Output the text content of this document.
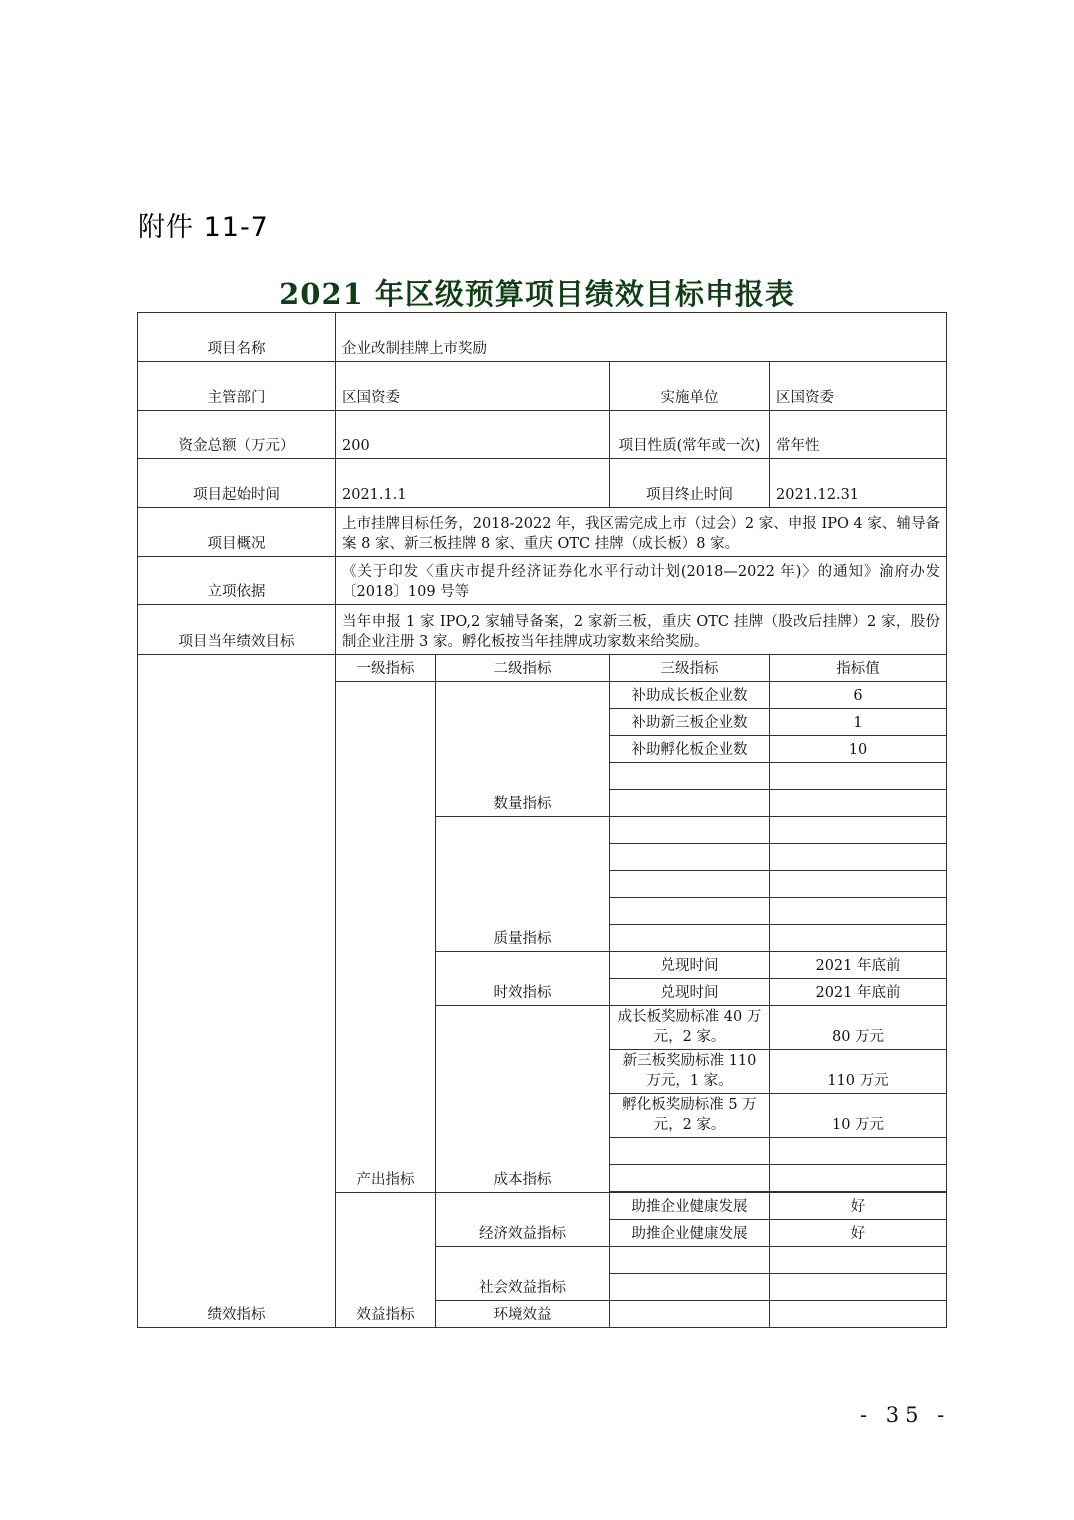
附件 11-7
2021 年区级预算项目绩效目标申报表
项目名称	企业改制挂牌上市奖励			
主管部门	区国资委		实施单位	区国资委
资金总额（万元）	200		项目性质(常年或一次)	常年性
项目起始时间	2021.1.1		项目终止时间	2021.12.31
项目概况	上市挂牌目标任务，2018-2022 年，我区需完成上市（过会）2 家、申报 IPO 4 家、辅导备案 8 家、新三板挂牌 8 家、重庆 OTC 挂牌（成长板）8 家。			
立项依据	《关于印发〈重庆市提升经济证券化水平行动计划(2018—2022 年)〉的通知》渝府办发〔2018〕109 号等			
项目当年绩效目标	当年申报 1 家 IPO,2 家辅导备案，2 家新三板，重庆 OTC 挂牌（股改后挂牌）2 家，股份制企业注册 3 家。孵化板按当年挂牌成功家数来给奖励。			
绩效指标	一级指标	二级指标	三级指标	指标值
	产出指标	数量指标	补助成长板企业数	6
			补助新三板企业数	1
			补助孵化板企业数	10

		质量指标		

		时效指标	兑现时间	2021 年底前
			兑现时间	2021 年底前
		成本指标	成长板奖励标准 40 万元，2 家。	80 万元
			新三板奖励标准 110 万元，1 家。	110 万元
			孵化板奖励标准 5 万元，2 家。	10 万元

	效益指标	经济效益指标	助推企业健康发展	好
			助推企业健康发展	好
		社会效益指标		

		环境效益		
- 35 -
